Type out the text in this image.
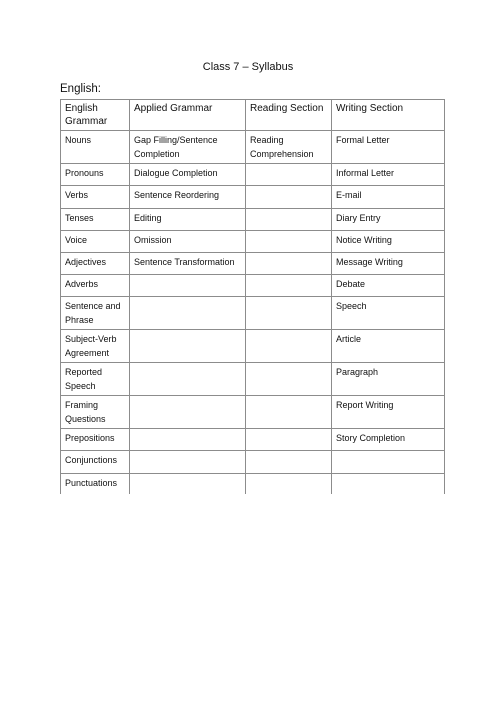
Class 7 – Syllabus
English:
English Grammar	Applied Grammar	Reading Section	Writing Section
Nouns	Gap Filling/Sentence Completion	Reading Comprehension	Formal Letter
Pronouns	Dialogue Completion		Informal Letter
Verbs	Sentence Reordering		E-mail
Tenses	Editing		Diary Entry
Voice	Omission		Notice Writing
Adjectives	Sentence Transformation		Message Writing
Adverbs			Debate
Sentence and Phrase			Speech
Subject-Verb Agreement			Article
Reported Speech			Paragraph
Framing Questions			Report Writing
Prepositions			Story Completion
Conjunctions			
Punctuations			
